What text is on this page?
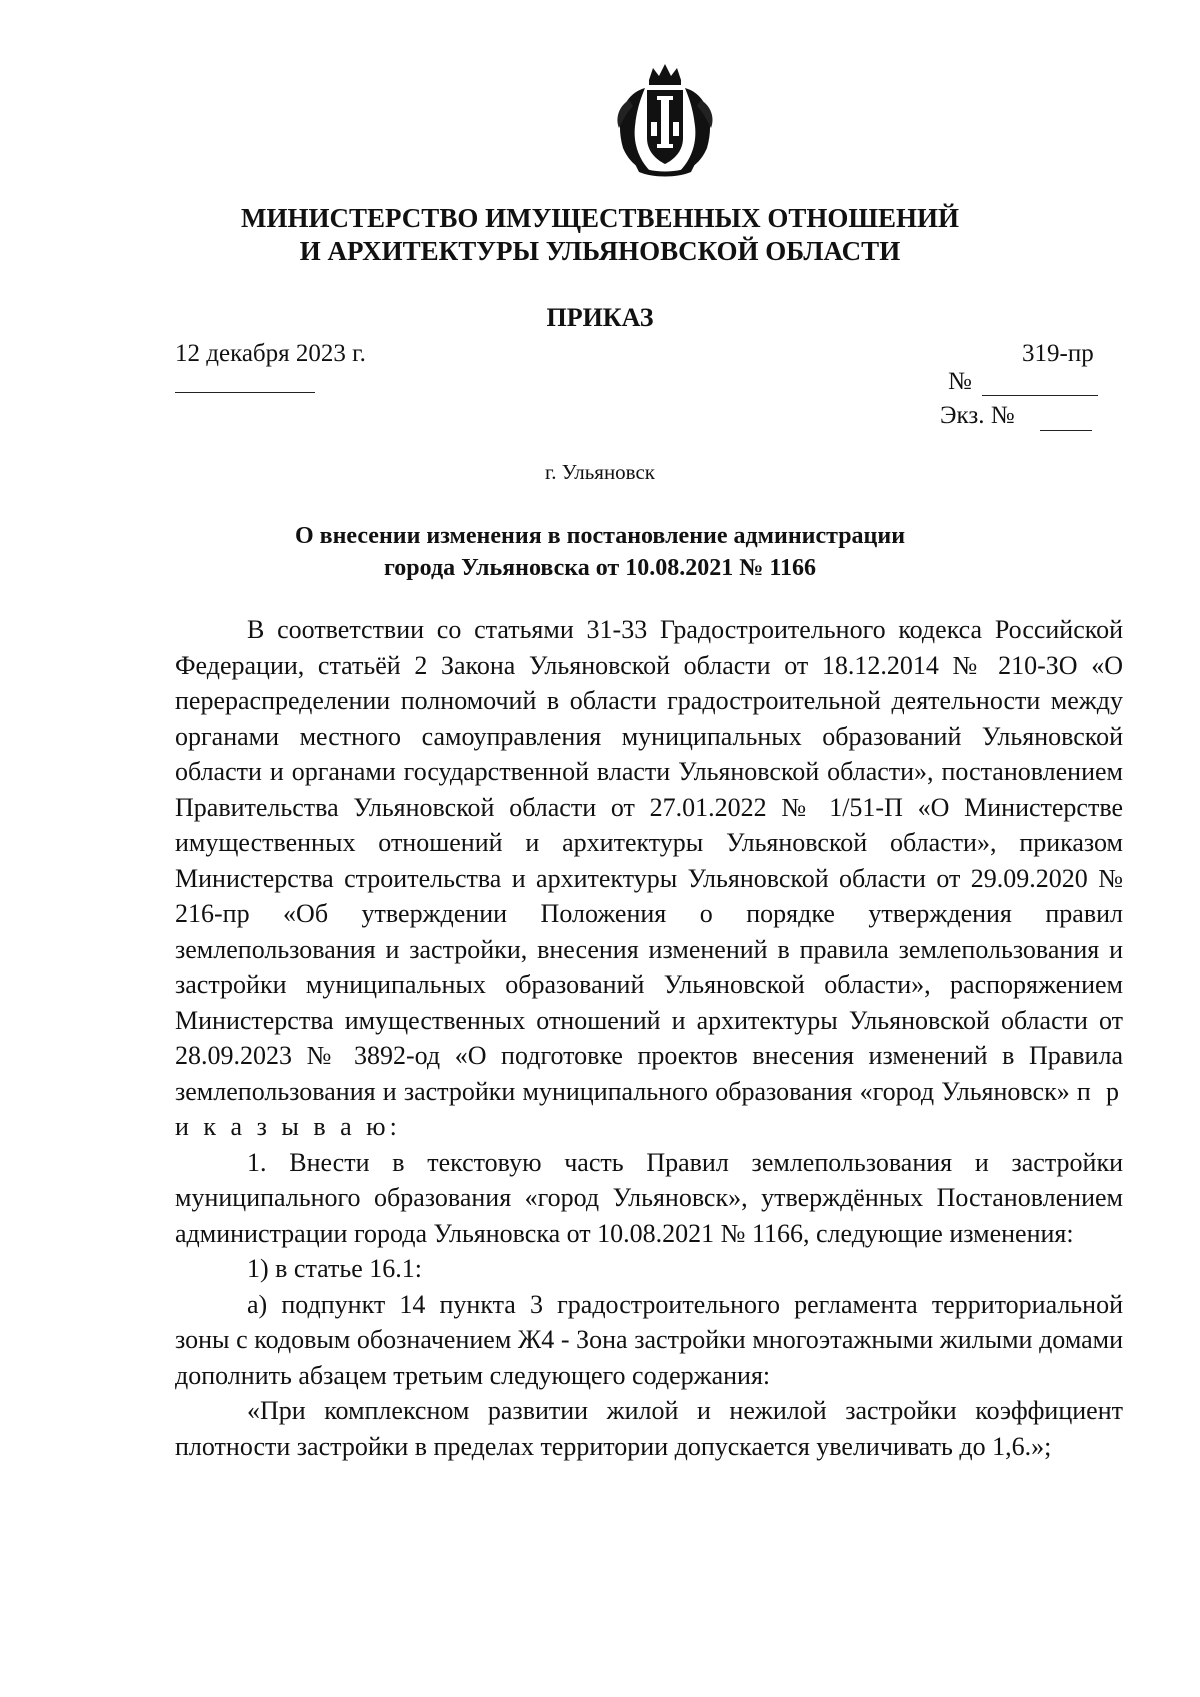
МИНИСТЕРСТВО ИМУЩЕСТВЕННЫХ ОТНОШЕНИЙ
И АРХИТЕКТУРЫ УЛЬЯНОВСКОЙ ОБЛАСТИ
ПРИКАЗ
12 декабря 2023 г.	319-пр
№
Экз. №
г. Ульяновск
О внесении изменения в постановление администрации
города Ульяновска от 10.08.2021 № 1166

В соответствии со статьями 31-33 Градостроительного кодекса Российской Федерации, статьёй 2 Закона Ульяновской области от 18.12.2014 № 210-ЗО «О перераспределении полномочий в области градостроительной деятельности между органами местного самоуправления муниципальных образований Ульяновской области и органами государственной власти Ульяновской области», постановлением Правительства Ульяновской области от 27.01.2022 № 1/51-П «О Министерстве имущественных отношений и архитектуры Ульяновской области», приказом Министерства строительства и архитектуры Ульяновской области от 29.09.2020 № 216-пр «Об утверждении Положения о порядке утверждения правил землепользования и застройки, внесения изменений в правила землепользования и застройки муниципальных образований Ульяновской области», распоряжением Министерства имущественных отношений и архитектуры Ульяновской области от 28.09.2023 № 3892-од «О подготовке проектов внесения изменений в Правила землепользования и застройки муниципального образования «город Ульяновск» п р и к а з ы в а ю:

1. Внести в текстовую часть Правил землепользования и застройки муниципального образования «город Ульяновск», утверждённых Постановлением администрации города Ульяновска от 10.08.2021 № 1166, следующие изменения:

1) в статье 16.1:

а) подпункт 14 пункта 3 градостроительного регламента территориальной зоны с кодовым обозначением Ж4 - Зона застройки многоэтажными жилыми домами дополнить абзацем третьим следующего содержания:

«При комплексном развитии жилой и нежилой застройки коэффициент плотности застройки в пределах территории допускается увеличивать до 1,6.»;
